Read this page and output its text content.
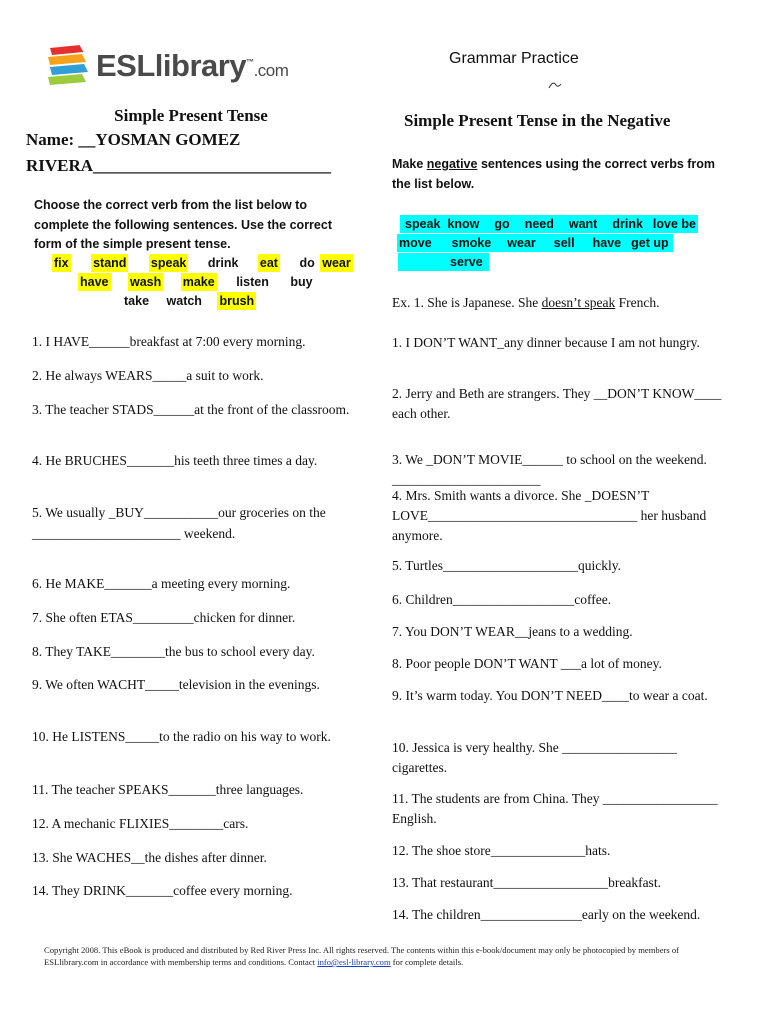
ESLlibrary™.com
Grammar Practice
Simple Present Tense
Name: __YOSMAN GOMEZ
RIVERA____________________________
Choose the correct verb from the list below to complete the following sentences. Use the correct form of the simple present tense.
fix stand speak drink eat do wear
have wash make listen buy
take watch brush
1. I HAVE______breakfast at 7:00 every morning.
2. He always WEARS_____a suit to work.
3. The teacher STADS______at the front of the classroom.
4. He BRUCHES_______his teeth three times a day.
5. We usually _BUY___________our groceries on the ______________________ weekend.
6. He MAKE_______a meeting every morning.
7. She often ETAS_________chicken for dinner.
8. They TAKE________the bus to school every day.
9. We often WACHT_____television in the evenings.
10. He LISTENS_____to the radio on his way to work.
11. The teacher SPEAKS_______three languages.
12. A mechanic FLIXIES________cars.
13. She WACHES__the dishes after dinner.
14. They DRINK_______coffee every morning.
Simple Present Tense in the Negative
Make negative sentences using the correct verbs from the list below.
speak know go need want drink love be
move smoke wear sell have get up
serve
Ex. 1. She is Japanese. She doesn’t speak French.
1. I DON’T WANT_any dinner because I am not hungry.
2. Jerry and Beth are strangers. They __DON’T KNOW____ each other.
3. We _DON’T MOVIE______ to school on the weekend. ______________________
4. Mrs. Smith wants a divorce. She _DOESN’T LOVE_______________________________ her husband anymore.
5. Turtles____________________quickly.
6. Children__________________coffee.
7. You DON’T WEAR__jeans to a wedding.
8. Poor people DON’T WANT ___a lot of money.
9. It’s warm today. You DON’T NEED____to wear a coat.
10. Jessica is very healthy. She _________________ cigarettes.
11. The students are from China. They _________________ English.
12. The shoe store______________hats.
13. That restaurant_________________breakfast.
14. The children_______________early on the weekend.
Copyright 2008. This eBook is produced and distributed by Red River Press Inc. All rights reserved. The contents within this e-book/document may only be photocopied by members of ESLlibrary.com in accordance with membership terms and conditions. Contact info@esl-library.com for complete details.
